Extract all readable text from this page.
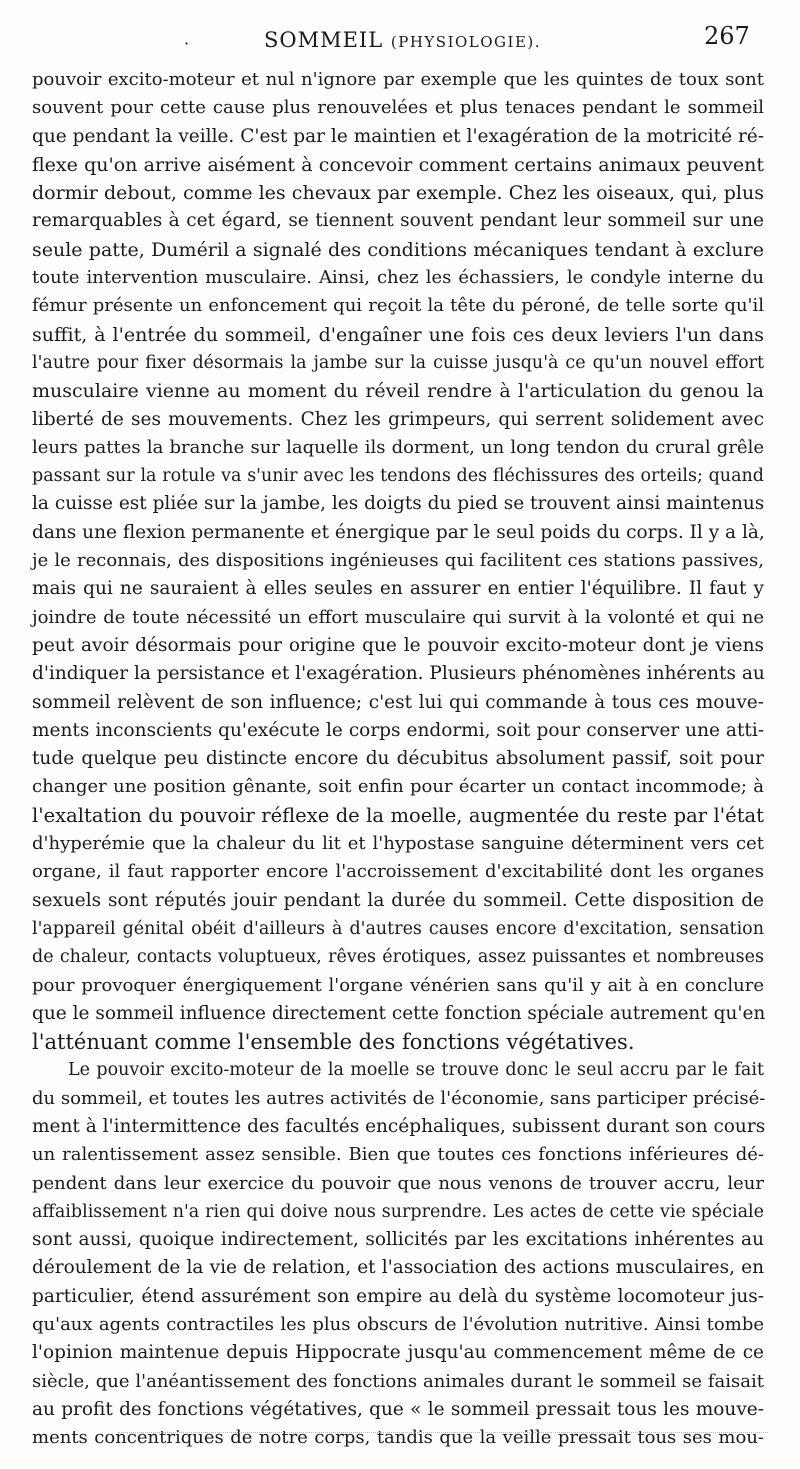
·	SOMMEIL (PHYSIOLOGIE).	267
pouvoir excito-moteur et nul n'ignore par exemple que les quintes de toux sont
souvent pour cette cause plus renouvelées et plus tenaces pendant le sommeil
que pendant la veille. C'est par le maintien et l'exagération de la motricité ré-
flexe qu'on arrive aisément à concevoir comment certains animaux peuvent
dormir debout, comme les chevaux par exemple. Chez les oiseaux, qui, plus
remarquables à cet égard, se tiennent souvent pendant leur sommeil sur une
seule patte, Duméril a signalé des conditions mécaniques tendant à exclure
toute intervention musculaire. Ainsi, chez les échassiers, le condyle interne du
fémur présente un enfoncement qui reçoit la tête du péroné, de telle sorte qu'il
suffit, à l'entrée du sommeil, d'engaîner une fois ces deux leviers l'un dans
l'autre pour fixer désormais la jambe sur la cuisse jusqu'à ce qu'un nouvel effort
musculaire vienne au moment du réveil rendre à l'articulation du genou la
liberté de ses mouvements. Chez les grimpeurs, qui serrent solidement avec
leurs pattes la branche sur laquelle ils dorment, un long tendon du crural grêle
passant sur la rotule va s'unir avec les tendons des fléchissures des orteils; quand
la cuisse est pliée sur la jambe, les doigts du pied se trouvent ainsi maintenus
dans une flexion permanente et énergique par le seul poids du corps. Il y a là,
je le reconnais, des dispositions ingénieuses qui facilitent ces stations passives,
mais qui ne sauraient à elles seules en assurer en entier l'équilibre. Il faut y
joindre de toute nécessité un effort musculaire qui survit à la volonté et qui ne
peut avoir désormais pour origine que le pouvoir excito-moteur dont je viens
d'indiquer la persistance et l'exagération. Plusieurs phénomènes inhérents au
sommeil relèvent de son influence; c'est lui qui commande à tous ces mouve-
ments inconscients qu'exécute le corps endormi, soit pour conserver une atti-
tude quelque peu distincte encore du décubitus absolument passif, soit pour
changer une position gênante, soit enfin pour écarter un contact incommode; à
l'exaltation du pouvoir réflexe de la moelle, augmentée du reste par l'état
d'hyperémie que la chaleur du lit et l'hypostase sanguine déterminent vers cet
organe, il faut rapporter encore l'accroissement d'excitabilité dont les organes
sexuels sont réputés jouir pendant la durée du sommeil. Cette disposition de
l'appareil génital obéit d'ailleurs à d'autres causes encore d'excitation, sensation
de chaleur, contacts voluptueux, rêves érotiques, assez puissantes et nombreuses
pour provoquer énergiquement l'organe vénérien sans qu'il y ait à en conclure
que le sommeil influence directement cette fonction spéciale autrement qu'en
l'atténuant comme l'ensemble des fonctions végétatives.
Le pouvoir excito-moteur de la moelle se trouve donc le seul accru par le fait
du sommeil, et toutes les autres activités de l'économie, sans participer précisé-
ment à l'intermittence des facultés encéphaliques, subissent durant son cours
un ralentissement assez sensible. Bien que toutes ces fonctions inférieures dé-
pendent dans leur exercice du pouvoir que nous venons de trouver accru, leur
affaiblissement n'a rien qui doive nous surprendre. Les actes de cette vie spéciale
sont aussi, quoique indirectement, sollicités par les excitations inhérentes au
déroulement de la vie de relation, et l'association des actions musculaires, en
particulier, étend assurément son empire au delà du système locomoteur jus-
qu'aux agents contractiles les plus obscurs de l'évolution nutritive. Ainsi tombe
l'opinion maintenue depuis Hippocrate jusqu'au commencement même de ce
siècle, que l'anéantissement des fonctions animales durant le sommeil se faisait
au profit des fonctions végétatives, que « le sommeil pressait tous les mouve-
ments concentriques de notre corps, tandis que la veille pressait tous ses mou-
